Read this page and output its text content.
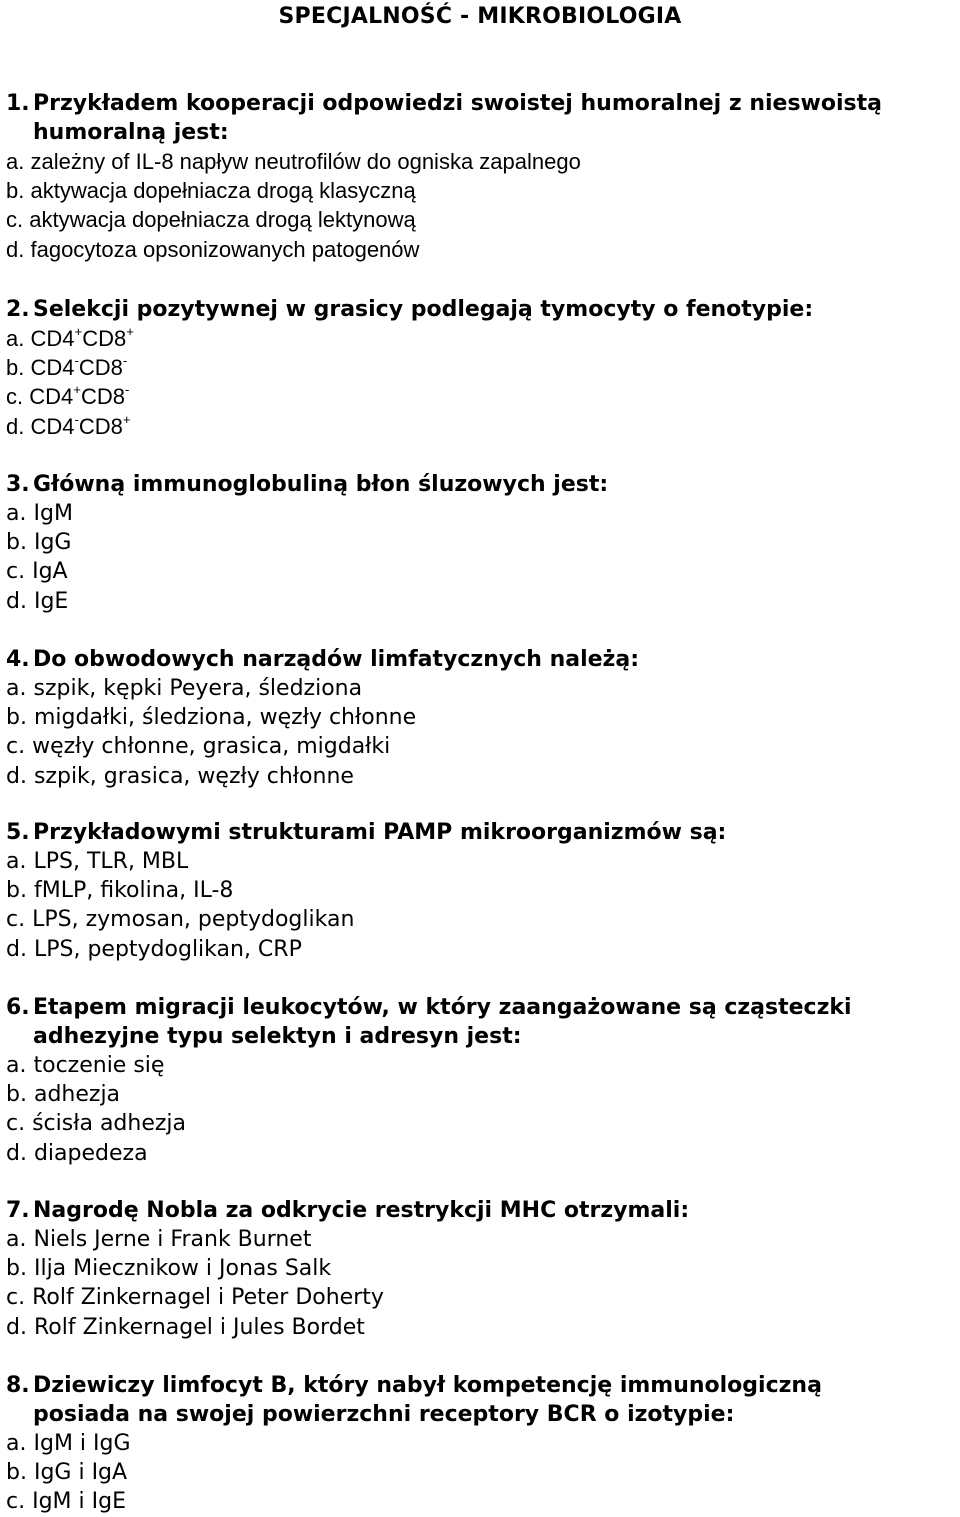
SPECJALNOŚĆ - MIKROBIOLOGIA
1. Przykładem kooperacji odpowiedzi swoistej humoralnej z nieswoistą
humoralną jest:
a. zależny of IL-8 napływ neutrofilów do ogniska zapalnego
b. aktywacja dopełniacza drogą klasyczną
c. aktywacja dopełniacza drogą lektynową
d. fagocytoza opsonizowanych patogenów
2. Selekcji pozytywnej w grasicy podlegają tymocyty o fenotypie:
a. CD4+CD8+
b. CD4-CD8-
c. CD4+CD8-
d. CD4-CD8+
3. Główną immunoglobuliną błon śluzowych jest:
a. IgM
b. IgG
c. IgA
d. IgE
4. Do obwodowych narządów limfatycznych należą:
a. szpik, kępki Peyera, śledziona
b. migdałki, śledziona, węzły chłonne
c. węzły chłonne, grasica, migdałki
d. szpik, grasica, węzły chłonne
5. Przykładowymi strukturami PAMP mikroorganizmów są:
a. LPS, TLR, MBL
b. fMLP, fikolina, IL-8
c. LPS, zymosan, peptydoglikan
d. LPS, peptydoglikan, CRP
6. Etapem migracji leukocytów, w który zaangażowane są cząsteczki
adhezyjne typu selektyn i adresyn jest:
a. toczenie się
b. adhezja
c. ścisła adhezja
d. diapedeza
7. Nagrodę Nobla za odkrycie restrykcji MHC otrzymali:
a. Niels Jerne i Frank Burnet
b. Ilja Miecznikow i Jonas Salk
c. Rolf Zinkernagel i Peter Doherty
d. Rolf Zinkernagel i Jules Bordet
8. Dziewiczy limfocyt B, który nabył kompetencję immunologiczną
posiada na swojej powierzchni receptory BCR o izotypie:
a. IgM i IgG
b. IgG i IgA
c. IgM i IgE
